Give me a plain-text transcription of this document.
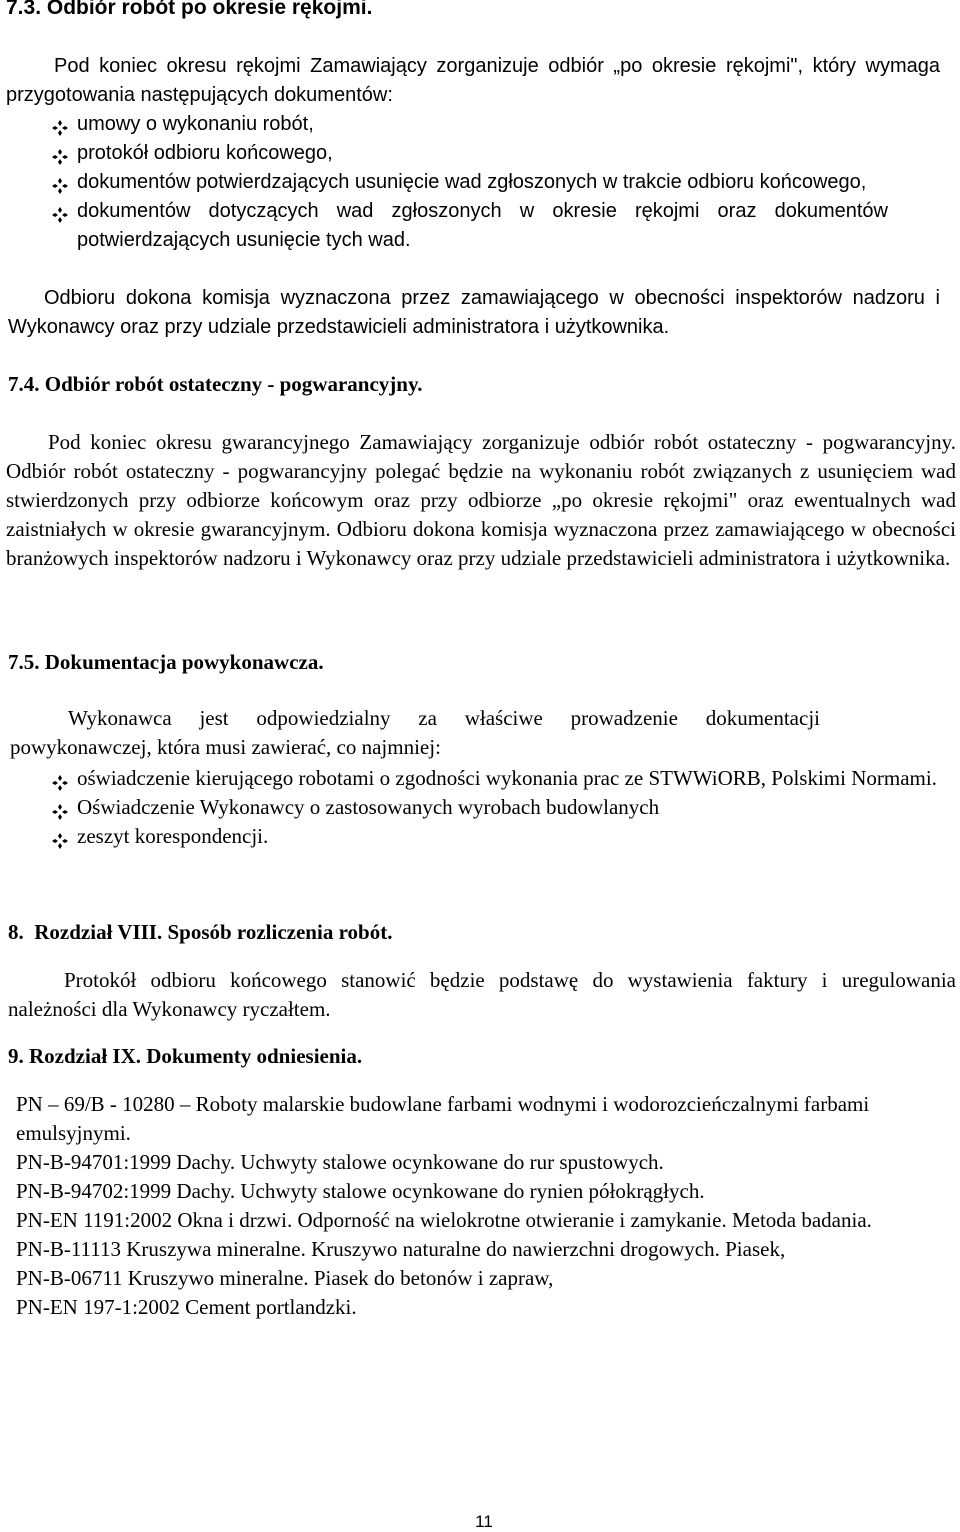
7.3. Odbiór robót po okresie rękojmi.
Pod koniec okresu rękojmi Zamawiający zorganizuje odbiór „po okresie rękojmi", który wymaga przygotowania następujących dokumentów:
umowy o wykonaniu robót,
protokół odbioru końcowego,
dokumentów potwierdzających usunięcie wad zgłoszonych w trakcie odbioru końcowego,
dokumentów dotyczących wad zgłoszonych w okresie rękojmi oraz dokumentów potwierdzających usunięcie tych wad.
Odbioru dokona komisja wyznaczona przez zamawiającego w obecności inspektorów nadzoru i Wykonawcy oraz przy udziale przedstawicieli administratora i użytkownika.
7.4. Odbiór robót ostateczny - pogwarancyjny.
Pod koniec okresu gwarancyjnego Zamawiający zorganizuje odbiór robót ostateczny - pogwarancyjny. Odbiór robót ostateczny - pogwarancyjny polegać będzie na wykonaniu robót związanych z usunięciem wad stwierdzonych przy odbiorze końcowym oraz przy odbiorze „po okresie rękojmi" oraz ewentualnych wad zaistniałych w okresie gwarancyjnym. Odbioru dokona komisja wyznaczona przez zamawiającego w obecności branżowych inspektorów nadzoru i Wykonawcy oraz przy udziale przedstawicieli administratora i użytkownika.
7.5. Dokumentacja powykonawcza.
Wykonawca jest odpowiedzialny za właściwe prowadzenie dokumentacji powykonawczej, która musi zawierać, co najmniej:
oświadczenie kierującego robotami o zgodności wykonania prac ze STWWiORB, Polskimi Normami.
Oświadczenie Wykonawcy o zastosowanych wyrobach budowlanych
zeszyt korespondencji.
8.  Rozdział VIII. Sposób rozliczenia robót.
Protokół odbioru końcowego stanowić będzie podstawę do wystawienia faktury i uregulowania należności dla Wykonawcy ryczałtem.
9. Rozdział IX. Dokumenty odniesienia.
PN – 69/B - 10280 – Roboty malarskie budowlane farbami wodnymi i wodorozcieńczalnymi farbami emulsyjnymi.
PN-B-94701:1999 Dachy. Uchwyty stalowe ocynkowane do rur spustowych.
PN-B-94702:1999 Dachy. Uchwyty stalowe ocynkowane do rynien półokrągłych.
PN-EN 1191:2002 Okna i drzwi. Odporność na wielokrotne otwieranie i zamykanie. Metoda badania.
PN-B-11113 Kruszywa mineralne. Kruszywo naturalne do nawierzchni drogowych. Piasek,
PN-B-06711 Kruszywo mineralne. Piasek do betonów i zapraw,
PN-EN 197-1:2002 Cement portlandzki.
11
